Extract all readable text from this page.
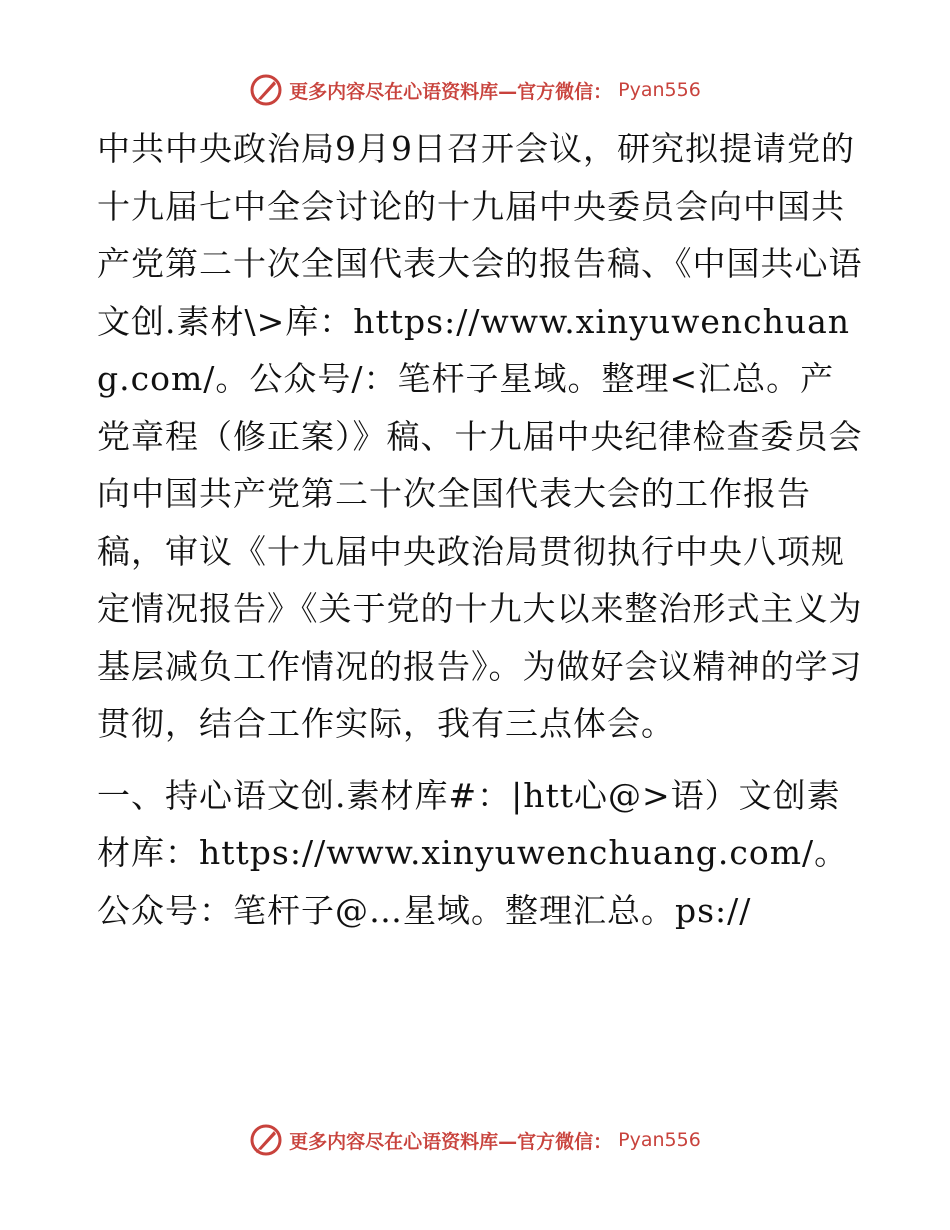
更多内容尽在心语资料库—官方微信： Pyan556

中共中央政治局9月9日召开会议，研究拟提请党的十九届七中全会讨论的十九届中央委员会向中国共产党第二十次全国代表大会的报告稿、《中国共心语文创.素材\>库：https://www.xinyuwenchuang.com/。公众号/：笔杆子星域。整理<汇总。产党章程（修正案）》稿、十九届中央纪律检查委员会向中国共产党第二十次全国代表大会的工作报告稿，审议《十九届中央政治局贯彻执行中央八项规定情况报告》《关于党的十九大以来整治形式主义为基层减负工作情况的报告》。为做好会议精神的学习贯彻，结合工作实际，我有三点体会。

一、持心语文创.素材库#：|htt心@>语）文创素材库：https://www.xinyuwenchuang.com/。公众号：笔杆子@…星域。整理汇总。ps://

更多内容尽在心语资料库—官方微信： Pyan556
